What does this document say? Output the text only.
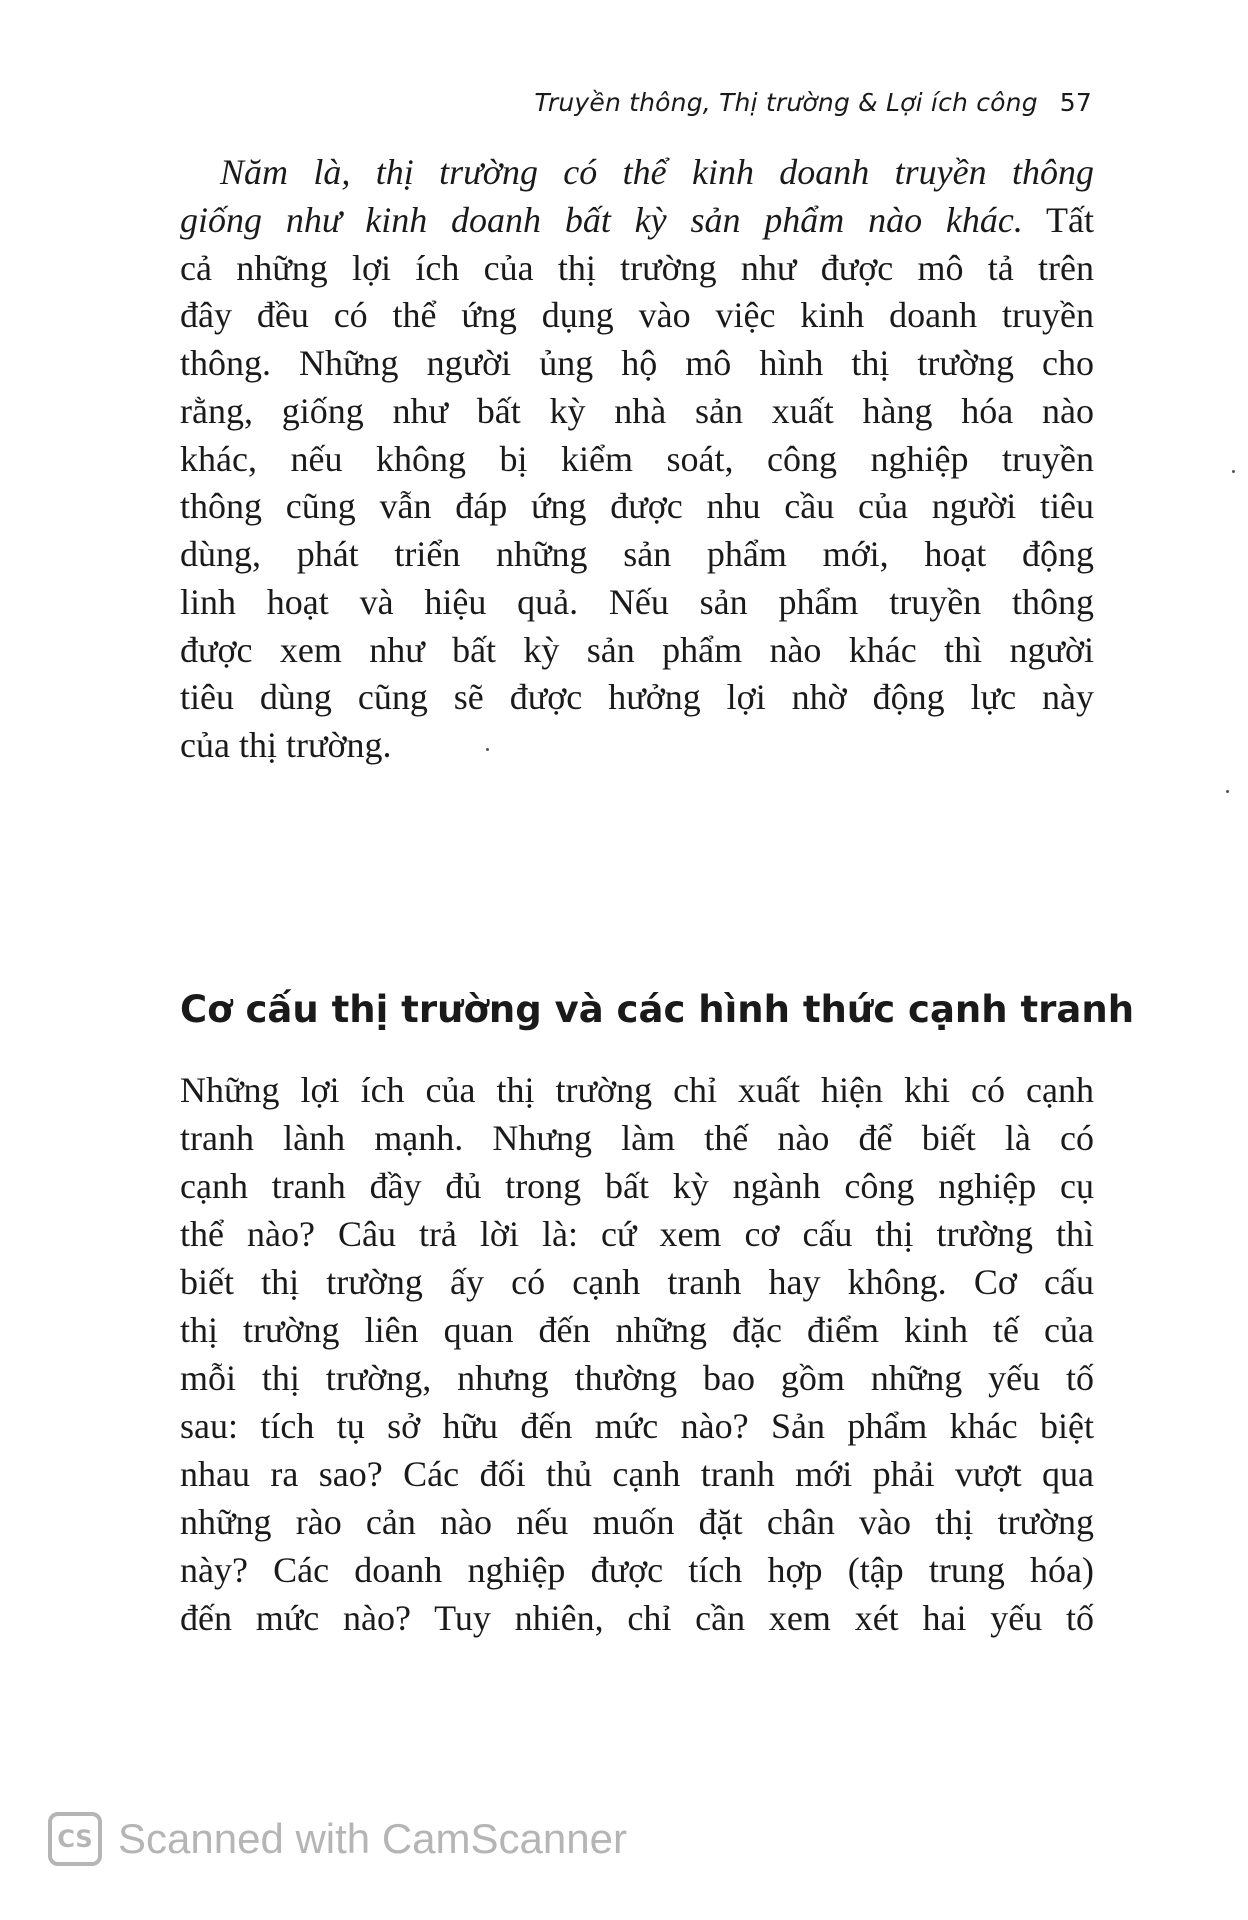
Truyền thông, Thị trường & Lợi ích công 57
Năm là, thị trường có thể kinh doanh truyền thông
giống như kinh doanh bất kỳ sản phẩm nào khác. Tất
cả những lợi ích của thị trường như được mô tả trên
đây đều có thể ứng dụng vào việc kinh doanh truyền
thông. Những người ủng hộ mô hình thị trường cho
rằng, giống như bất kỳ nhà sản xuất hàng hóa nào
khác, nếu không bị kiểm soát, công nghiệp truyền
thông cũng vẫn đáp ứng được nhu cầu của người tiêu
dùng, phát triển những sản phẩm mới, hoạt động
linh hoạt và hiệu quả. Nếu sản phẩm truyền thông
được xem như bất kỳ sản phẩm nào khác thì người
tiêu dùng cũng sẽ được hưởng lợi nhờ động lực này
của thị trường.
Cơ cấu thị trường và các hình thức cạnh tranh
Những lợi ích của thị trường chỉ xuất hiện khi có cạnh
tranh lành mạnh. Nhưng làm thế nào để biết là có
cạnh tranh đầy đủ trong bất kỳ ngành công nghiệp cụ
thể nào? Câu trả lời là: cứ xem cơ cấu thị trường thì
biết thị trường ấy có cạnh tranh hay không. Cơ cấu
thị trường liên quan đến những đặc điểm kinh tế của
mỗi thị trường, nhưng thường bao gồm những yếu tố
sau: tích tụ sở hữu đến mức nào? Sản phẩm khác biệt
nhau ra sao? Các đối thủ cạnh tranh mới phải vượt qua
những rào cản nào nếu muốn đặt chân vào thị trường
này? Các doanh nghiệp được tích hợp (tập trung hóa)
đến mức nào? Tuy nhiên, chỉ cần xem xét hai yếu tố
CS Scanned with CamScanner
